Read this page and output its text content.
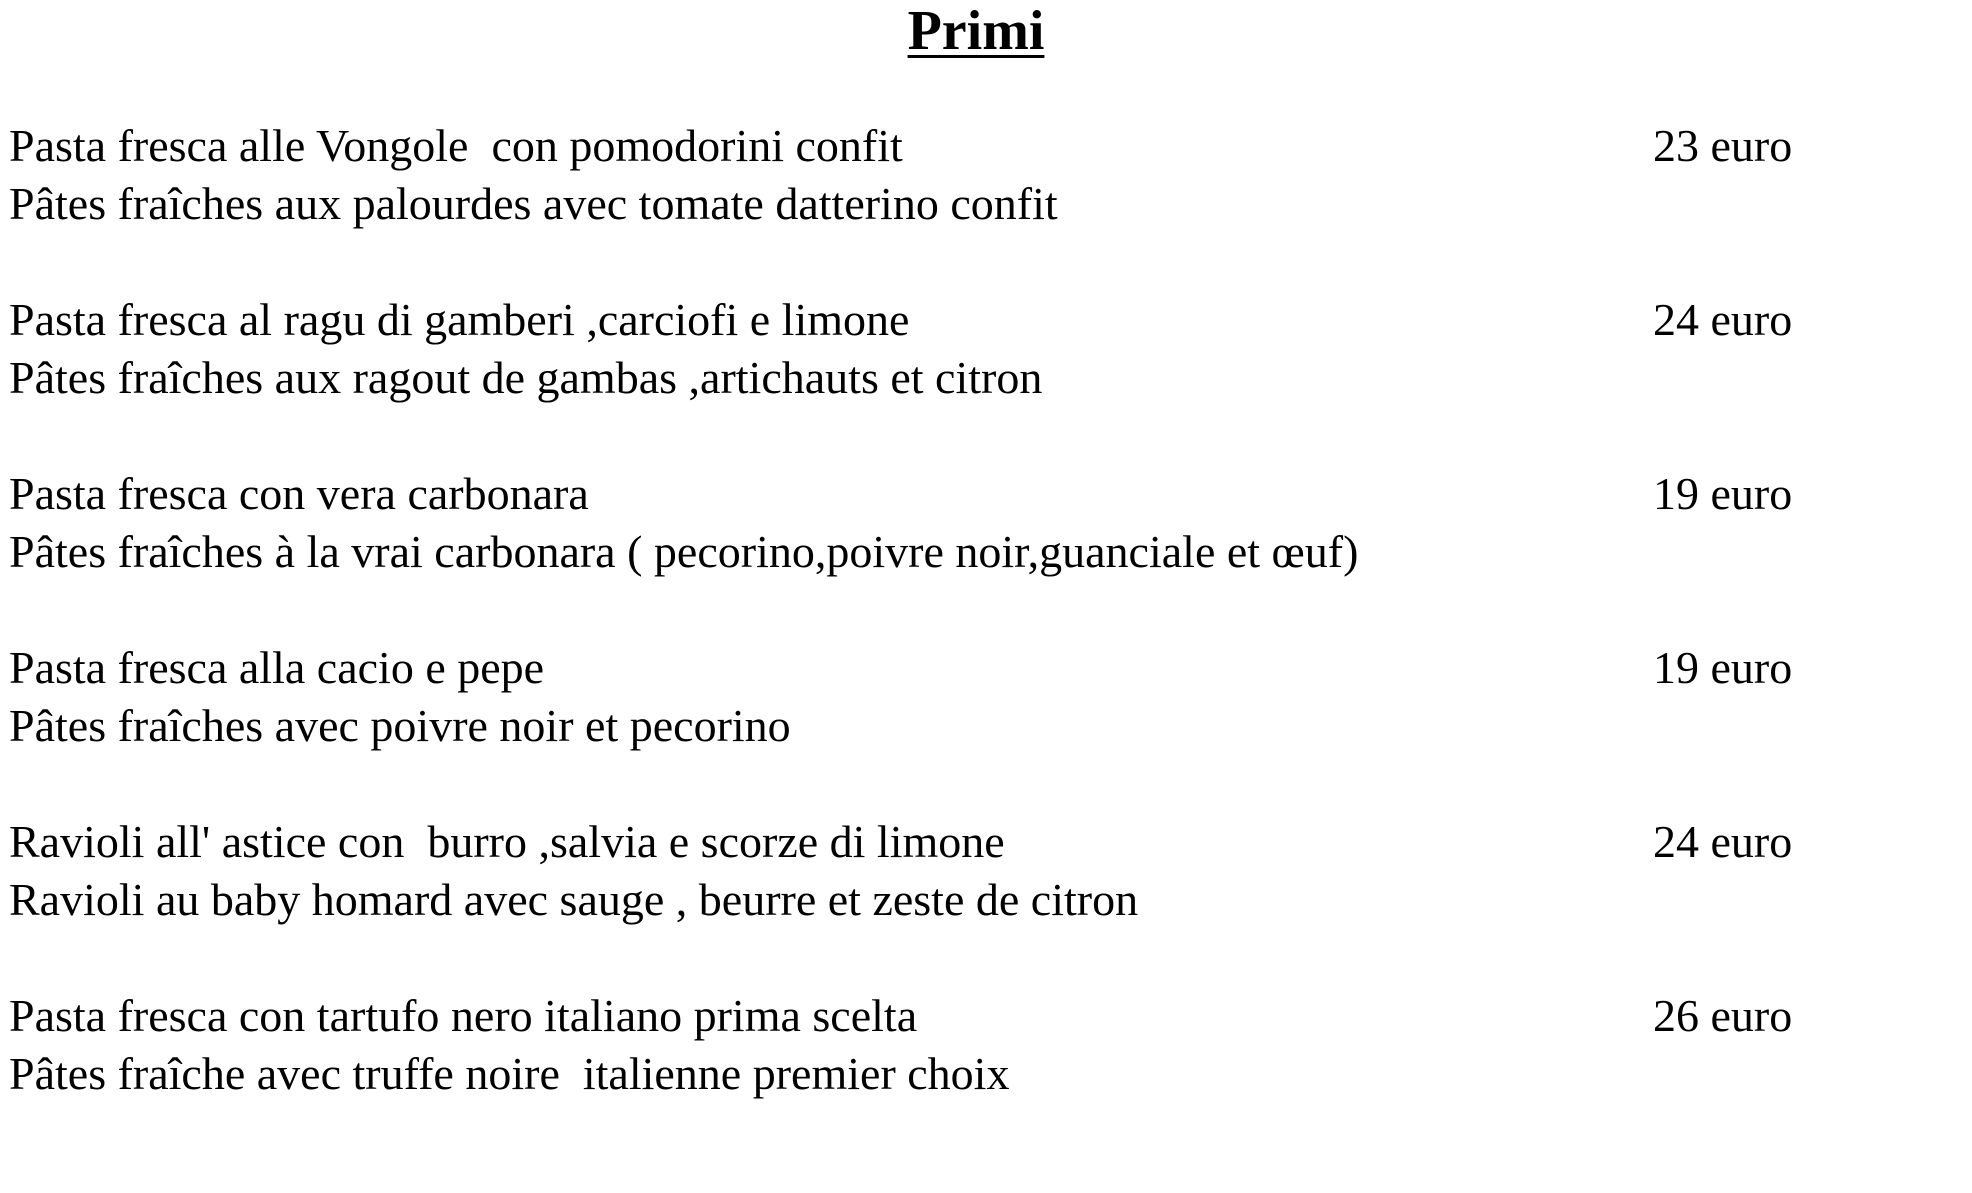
Primi
Pasta fresca alle Vongole  con pomodorini confit
Pâtes fraîches aux palourdes avec tomate datterino confit
23 euro
Pasta fresca al ragu di gamberi ,carciofi e limone
Pâtes fraîches aux ragout de gambas ,artichauts et citron
24 euro
Pasta fresca con vera carbonara
Pâtes fraîches à la vrai carbonara ( pecorino,poivre noir,guanciale et œuf)
19 euro
Pasta fresca alla cacio e pepe
Pâtes fraîches avec poivre noir et pecorino
19 euro
Ravioli all' astice con  burro ,salvia e scorze di limone
Ravioli au baby homard avec sauge , beurre et zeste de citron
24 euro
Pasta fresca con tartufo nero italiano prima scelta
Pâtes fraîche avec truffe noire  italienne premier choix
26 euro
